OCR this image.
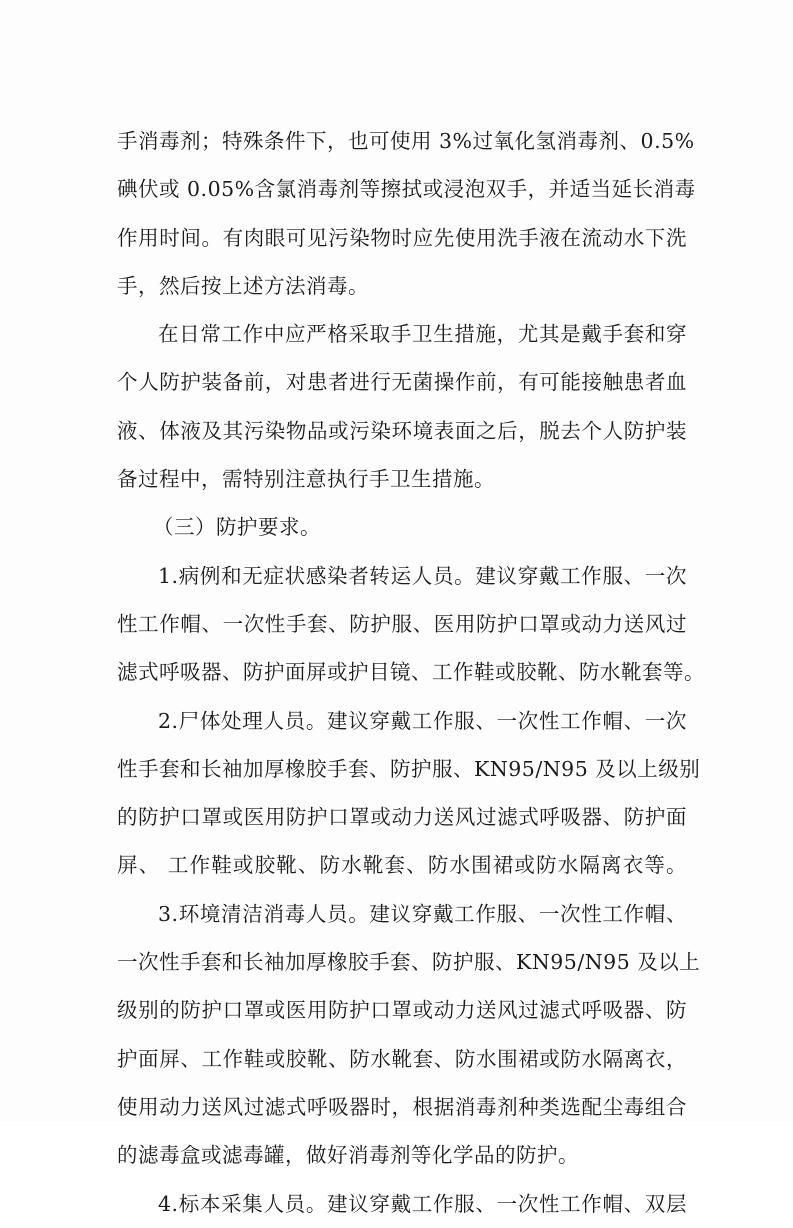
手消毒剂；特殊条件下，也可使用 3%过氧化氢消毒剂、0.5%
碘伏或 0.05%含氯消毒剂等擦拭或浸泡双手，并适当延长消毒
作用时间。有肉眼可见污染物时应先使用洗手液在流动水下洗
手，然后按上述方法消毒。
在日常工作中应严格采取手卫生措施，尤其是戴手套和穿
个人防护装备前，对患者进行无菌操作前，有可能接触患者血
液、体液及其污染物品或污染环境表面之后，脱去个人防护装
备过程中，需特别注意执行手卫生措施。
（三）防护要求。
1.病例和无症状感染者转运人员。建议穿戴工作服、一次
性工作帽、一次性手套、防护服、医用防护口罩或动力送风过
滤式呼吸器、防护面屏或护目镜、工作鞋或胶靴、防水靴套等。
2.尸体处理人员。建议穿戴工作服、一次性工作帽、一次
性手套和长袖加厚橡胶手套、防护服、KN95/N95 及以上级别
的防护口罩或医用防护口罩或动力送风过滤式呼吸器、防护面
屏、 工作鞋或胶靴、防水靴套、防水围裙或防水隔离衣等。
3.环境清洁消毒人员。建议穿戴工作服、一次性工作帽、
一次性手套和长袖加厚橡胶手套、防护服、KN95/N95 及以上
级别的防护口罩或医用防护口罩或动力送风过滤式呼吸器、防
护面屏、工作鞋或胶靴、防水靴套、防水围裙或防水隔离衣，
使用动力送风过滤式呼吸器时，根据消毒剂种类选配尘毒组合
的滤毒盒或滤毒罐，做好消毒剂等化学品的防护。
4.标本采集人员。建议穿戴工作服、一次性工作帽、双层
